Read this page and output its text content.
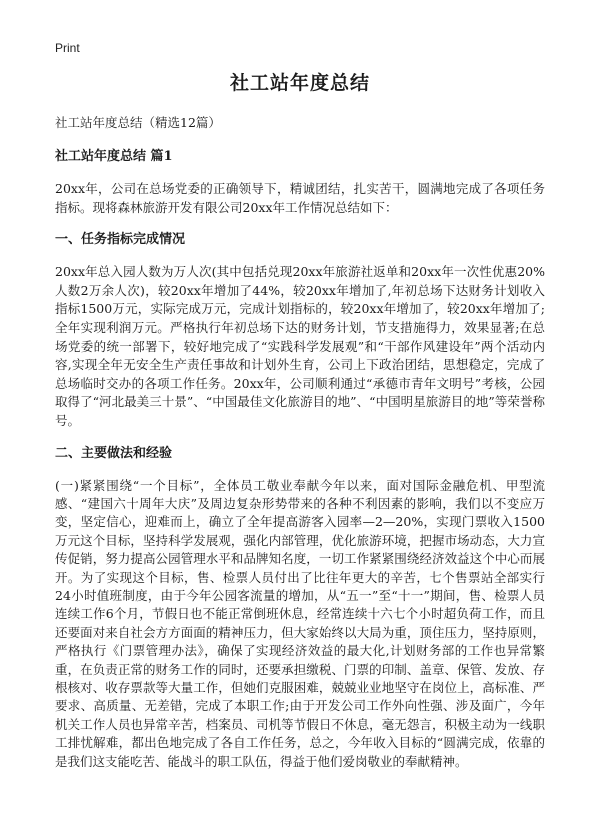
Print
社工站年度总结
社工站年度总结（精选12篇）
社工站年度总结 篇1

20xx年，公司在总场党委的正确领导下，精诚团结，扎实苦干，圆满地完成了各项任务指标。现将森林旅游开发有限公司20xx年工作情况总结如下：

一、任务指标完成情况

20xx年总入园人数为万人次(其中包括兑现20xx年旅游社返单和20xx年一次性优惠20%人数2万余人次)，较20xx年增加了44%，较20xx年增加了,年初总场下达财务计划收入指标1500万元，实际完成万元，完成计划指标的，较20xx年增加了，较20xx年增加了;全年实现利润万元。严格执行年初总场下达的财务计划，节支措施得力，效果显著;在总场党委的统一部署下，较好地完成了“实践科学发展观”和“干部作风建设年”两个活动内容,实现全年无安全生产责任事故和计划外生育，公司上下政治团结，思想稳定，完成了总场临时交办的各项工作任务。20xx年，公司顺利通过“承德市青年文明号”考核，公园取得了“河北最美三十景”、“中国最佳文化旅游目的地”、“中国明星旅游目的地”等荣誉称号。

二、主要做法和经验

(一)紧紧围绕“一个目标”，全体员工敬业奉献今年以来，面对国际金融危机、甲型流感、“建国六十周年大庆”及周边复杂形势带来的各种不利因素的影响，我们以不变应万变，坚定信心，迎难而上，确立了全年提高游客入园率—2—20%，实现门票收入1500万元这个目标，坚持科学发展观，强化内部管理，优化旅游环境，把握市场动态，大力宣传促销，努力提高公园管理水平和品牌知名度，一切工作紧紧围绕经济效益这个中心而展开。为了实现这个目标，售、检票人员付出了比往年更大的辛苦，七个售票站全部实行24小时值班制度，由于今年公园客流量的增加，从“五一”至“十一”期间，售、检票人员连续工作6个月，节假日也不能正常倒班休息，经常连续十六七个小时超负荷工作，而且还要面对来自社会方方面面的精神压力，但大家始终以大局为重，顶住压力，坚持原则，严格执行《门票管理办法》，确保了实现经济效益的最大化,计划财务部的工作也异常繁重，在负责正常的财务工作的同时，还要承担缴税、门票的印制、盖章、保管、发放、存根核对、收存票款等大量工作，但她们克服困难，兢兢业业地坚守在岗位上，高标准、严要求、高质量、无差错，完成了本职工作;由于开发公司工作外向性强、涉及面广，今年机关工作人员也异常辛苦，档案员、司机等节假日不休息，毫无怨言，积极主动为一线职工排忧解难，都出色地完成了各自工作任务，总之，今年收入目标的“圆满完成，依靠的是我们这支能吃苦、能战斗的职工队伍，得益于他们爱岗敬业的奉献精神。
